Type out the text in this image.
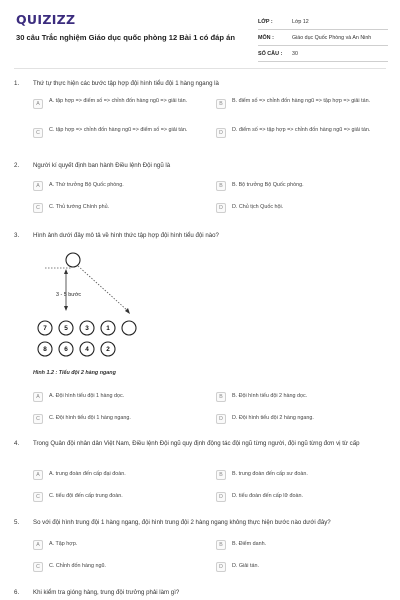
QUIZIZZ
30 câu Trắc nghiệm Giáo dục quốc phòng 12 Bài 1 có đáp án
LỚP :	Lớp 12
MÔN :	Giáo dục Quốc Phòng và An Ninh
SỐ CÂU :	30
1. Thứ tự thực hiện các bước tập hợp đội hình tiểu đội 1 hàng ngang là
A	A. tập hợp => điểm số => chỉnh đốn hàng ngũ => giải tán.	B	B. điểm số => chỉnh đốn hàng ngũ => tập hợp => giải tán.
C	C. tập hợp => chỉnh đốn hàng ngũ => điểm số => giải tán.	D	D. điểm số => tập hợp => chỉnh đốn hàng ngũ => giải tán.
2. Người kí quyết định ban hành Điều lệnh Đội ngũ là
A	A. Thứ trưởng Bộ Quốc phòng.	B	B. Bộ trưởng Bộ Quốc phòng.
C	C. Thủ tướng Chính phủ.	D	D. Chủ tịch Quốc hội.
3. Hình ảnh dưới đây mô tả về hình thức tập hợp đội hình tiểu đội nào?
3 - 5 bước
7	5	3	1
8	6	4	2
Hình 1.2 : Tiểu đội 2 hàng ngang
A	A. Đội hình tiểu đội 1 hàng dọc.	B	B. Đội hình tiểu đội 2 hàng dọc.
C	C. Đội hình tiểu đội 1 hàng ngang.	D	D. Đội hình tiểu đội 2 hàng ngang.
4. Trong Quân đội nhân dân Việt Nam, Điều lệnh Đội ngũ quy định động tác đội ngũ từng người, đội ngũ từng đơn vị từ cấp
A	A. trung đoàn đến cấp đại đoàn.	B	B. trung đoàn đến cấp sư đoàn.
C	C. tiểu đội đến cấp trung đoàn.	D	D. tiểu đoàn đến cấp lữ đoàn.
5. So với đội hình trung đội 1 hàng ngang, đội hình trung đội 2 hàng ngang không thực hiện bước nào dưới đây?
A	A. Tập hợp.	B	B. Điểm danh.
C	C. Chỉnh đốn hàng ngũ.	D	D. Giải tán.
6. Khi kiểm tra gióng hàng, trung đội trưởng phải làm gì?
